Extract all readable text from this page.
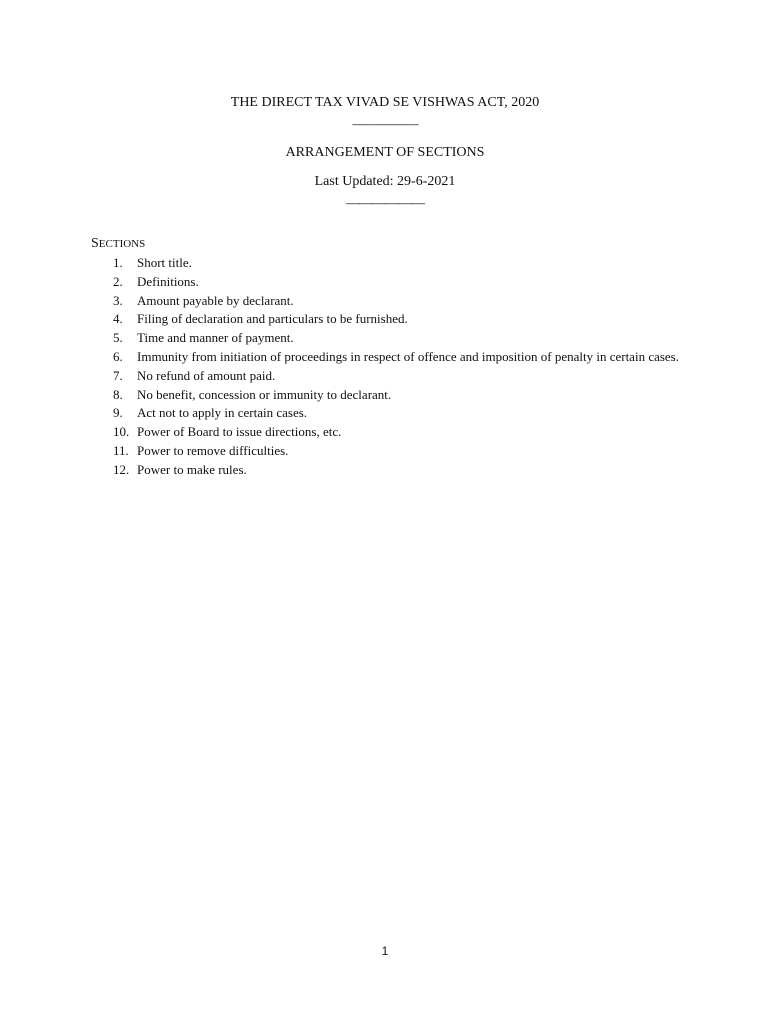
THE DIRECT TAX VIVAD SE VISHWAS ACT, 2020
—————
ARRANGEMENT OF SECTIONS
Last Updated: 29-6-2021
——————
SECTIONS
1.	Short title.
2.	Definitions.
3.	Amount payable by declarant.
4.	Filing of declaration and particulars to be furnished.
5.	Time and manner of payment.
6.	Immunity from initiation of proceedings in respect of offence and imposition of penalty in certain cases.
7.	No refund of amount paid.
8.	No benefit, concession or immunity to declarant.
9.	Act not to apply in certain cases.
10. Power of Board to issue directions, etc.
11. Power to remove difficulties.
12. Power to make rules.
1
